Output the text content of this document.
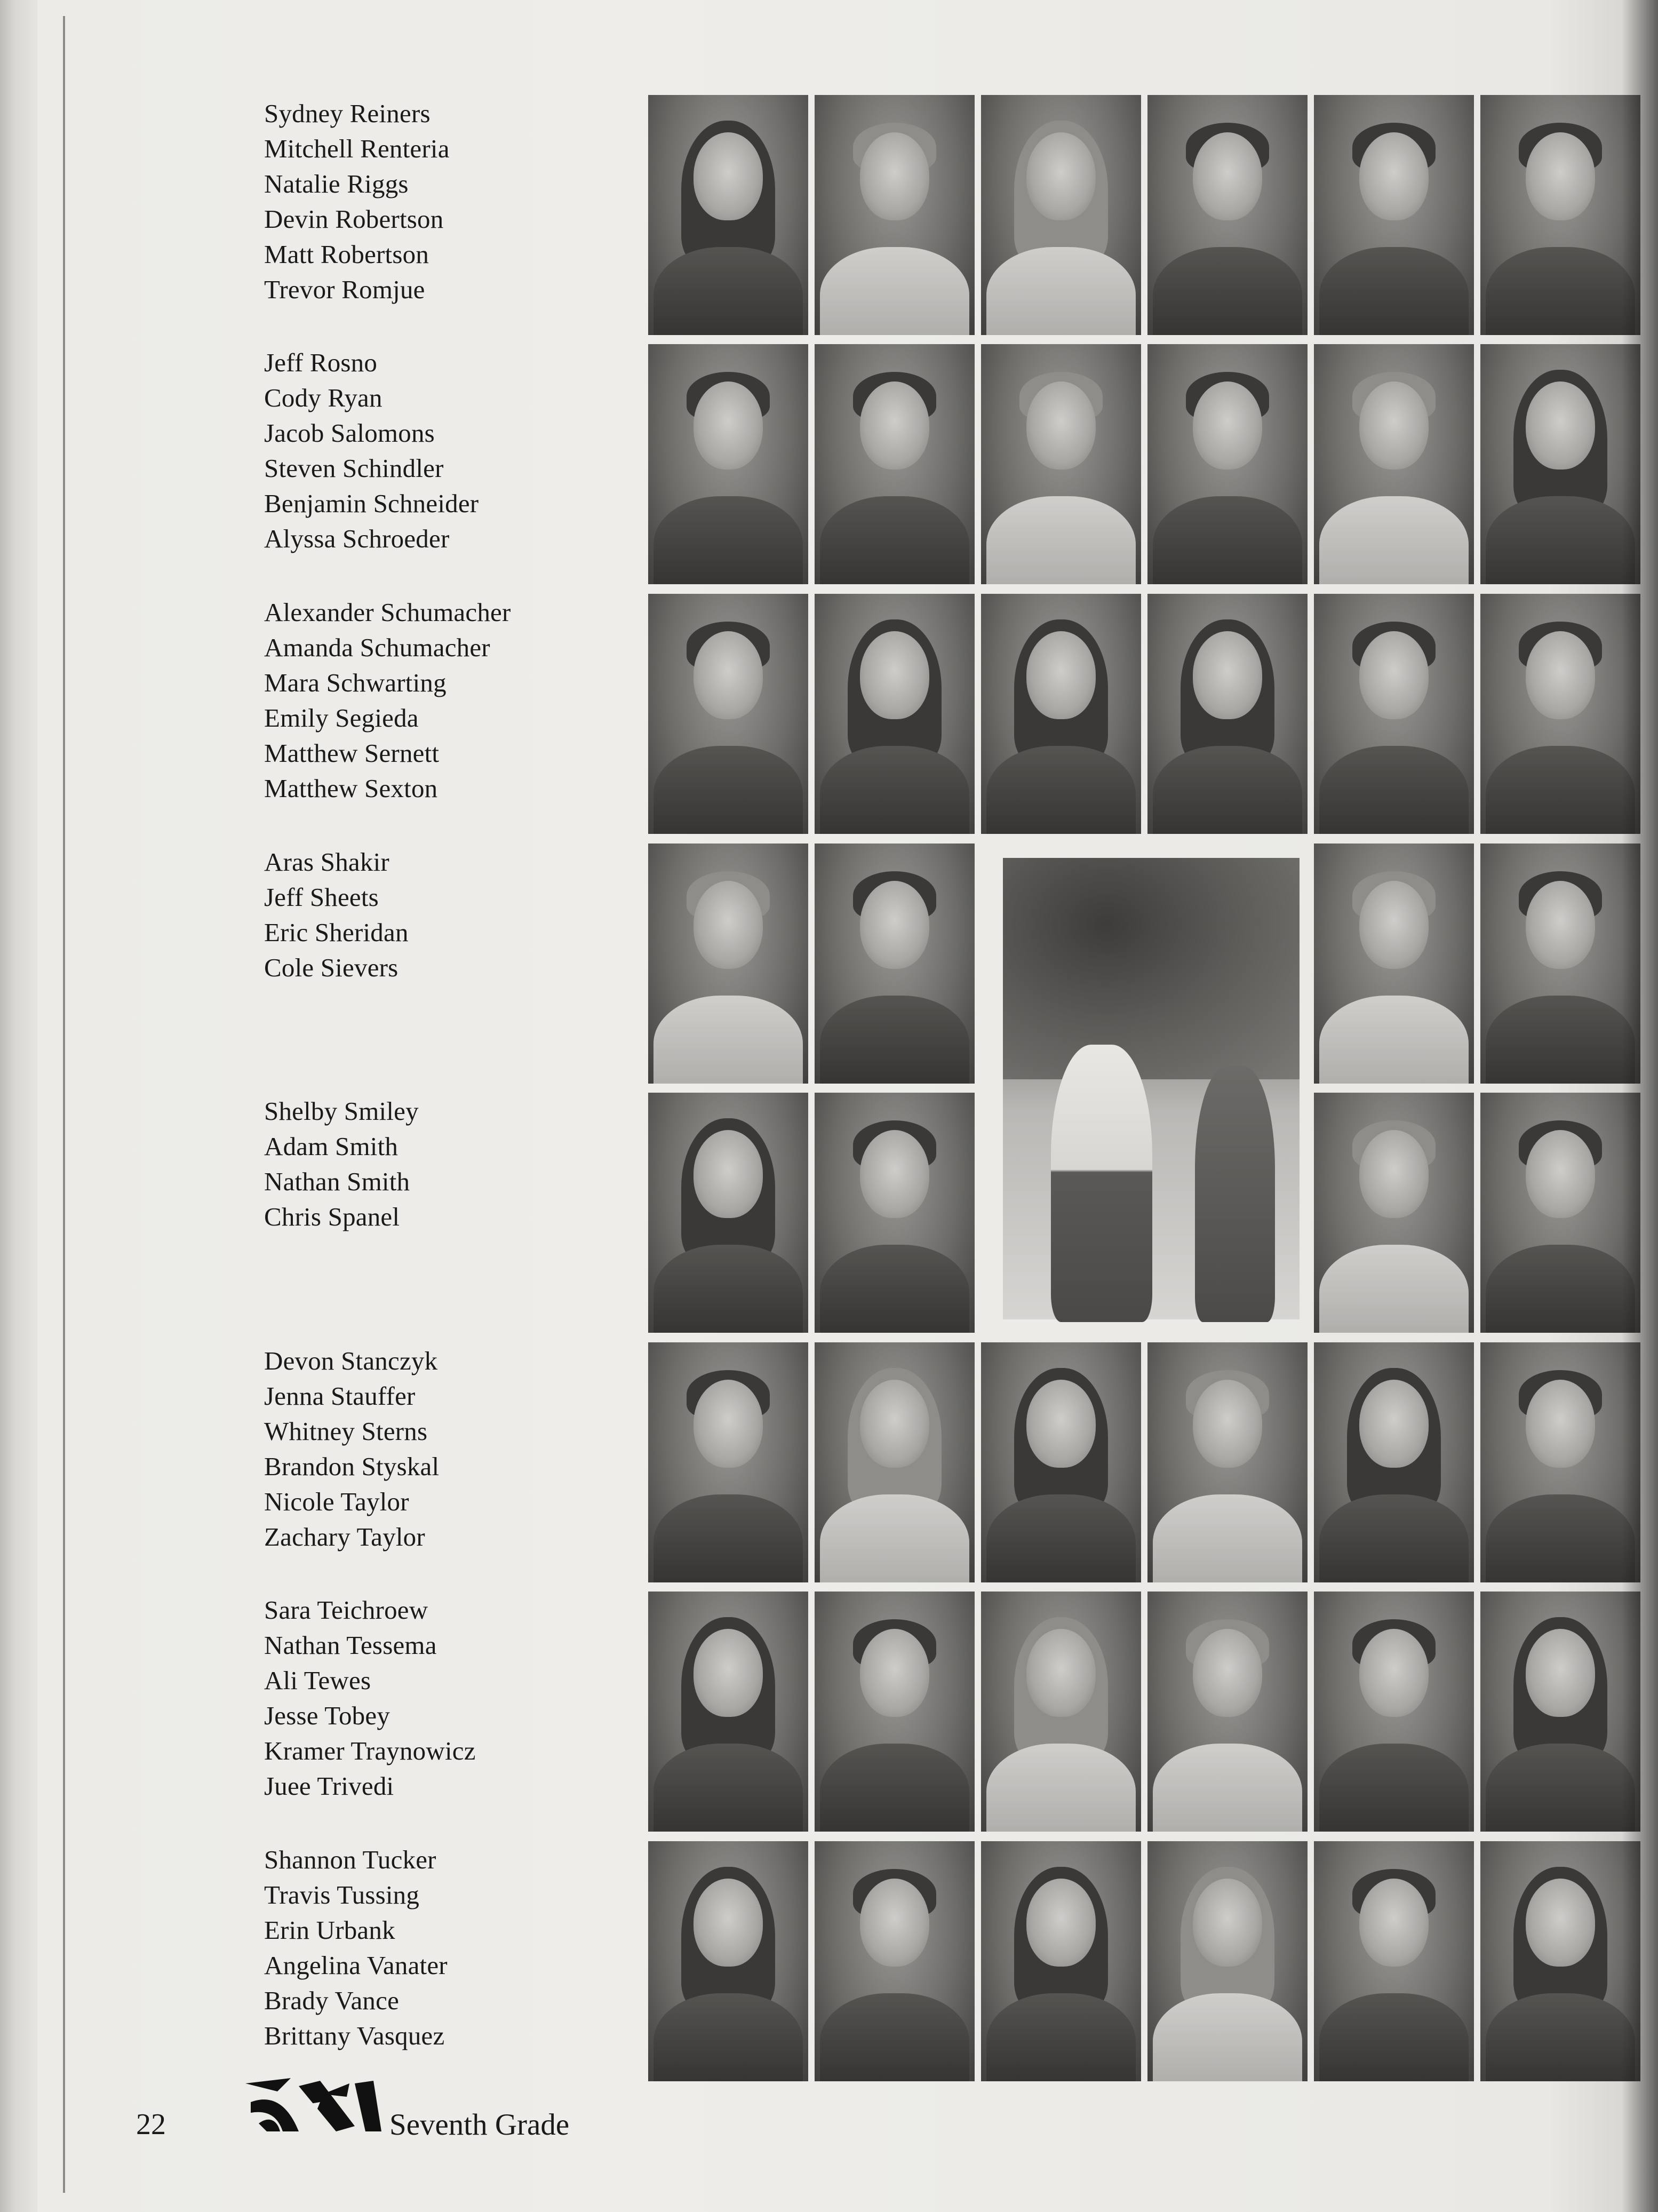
Sydney Reiners
Mitchell Renteria
Natalie Riggs
Devin Robertson
Matt Robertson
Trevor Romjue
Jeff Rosno
Cody Ryan
Jacob Salomons
Steven Schindler
Benjamin Schneider
Alyssa Schroeder
Alexander Schumacher
Amanda Schumacher
Mara Schwarting
Emily Segieda
Matthew Sernett
Matthew Sexton
Aras Shakir
Jeff Sheets
Eric Sheridan
Cole Sievers
Shelby Smiley
Adam Smith
Nathan Smith
Chris Spanel
Devon Stanczyk
Jenna Stauffer
Whitney Sterns
Brandon Styskal
Nicole Taylor
Zachary Taylor
Sara Teichroew
Nathan Tessema
Ali Tewes
Jesse Tobey
Kramer Traynowicz
Juee Trivedi
Shannon Tucker
Travis Tussing
Erin Urbank
Angelina Vanater
Brady Vance
Brittany Vasquez
22	Seventh Grade
